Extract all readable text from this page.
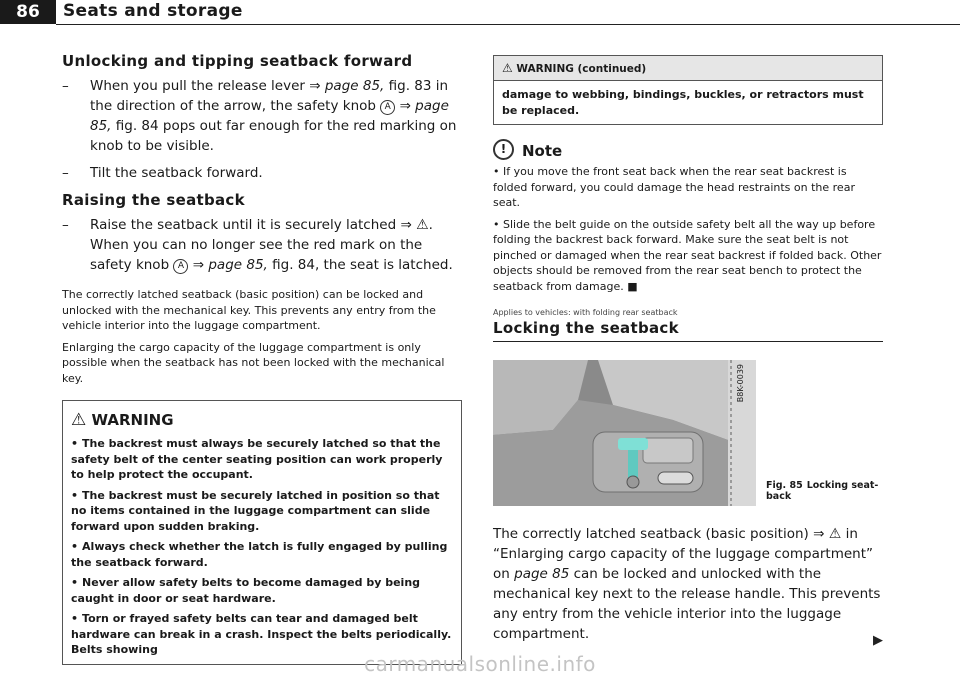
86	Seats and storage
Unlocking and tipping seatback forward
– When you pull the release lever ⇒ page 85, fig. 83 in the direction of the arrow, the safety knob A ⇒ page 85, fig. 84 pops out far enough for the red marking on knob to be visible.
– Tilt the seatback forward.
Raising the seatback
– Raise the seatback until it is securely latched ⇒ ⚠. When you can no longer see the red mark on the safety knob A ⇒ page 85, fig. 84, the seat is latched.

The correctly latched seatback (basic position) can be locked and unlocked with the mechanical key. This prevents any entry from the vehicle interior into the luggage compartment.

Enlarging the cargo capacity of the luggage compartment is only possible when the seatback has not been locked with the mechanical key.

⚠ WARNING

• The backrest must always be securely latched so that the safety belt of the center seating position can work properly to help protect the occupant.

• The backrest must be securely latched in position so that no items contained in the luggage compartment can slide forward upon sudden braking.

• Always check whether the latch is fully engaged by pulling the seatback forward.

• Never allow safety belts to become damaged by being caught in door or seat hardware.

• Torn or frayed safety belts can tear and damaged belt hardware can break in a crash. Inspect the belts periodically. Belts showing

⚠ WARNING (continued)
damage to webbing, bindings, buckles, or retractors must be replaced.
!	Note

• If you move the front seat back when the rear seat backrest is folded forward, you could damage the head restraints on the rear seat.

• Slide the belt guide on the outside safety belt all the way up before folding the backrest back forward. Make sure the seat belt is not pinched or damaged when the rear seat backrest if folded back. Other objects should be removed from the rear seat bench to protect the seatback from damage. ■

Applies to vehicles: with folding rear seatback
Locking the seatback
B8K-0039
Fig. 85 Locking seat-back
The correctly latched seatback (basic position) ⇒ ⚠ in “Enlarging cargo capacity of the luggage compartment” on page 85 can be locked and unlocked with the mechanical key next to the release handle. This prevents any entry from the vehicle interior into the luggage compartment.	▶
carmanualsonline.info
